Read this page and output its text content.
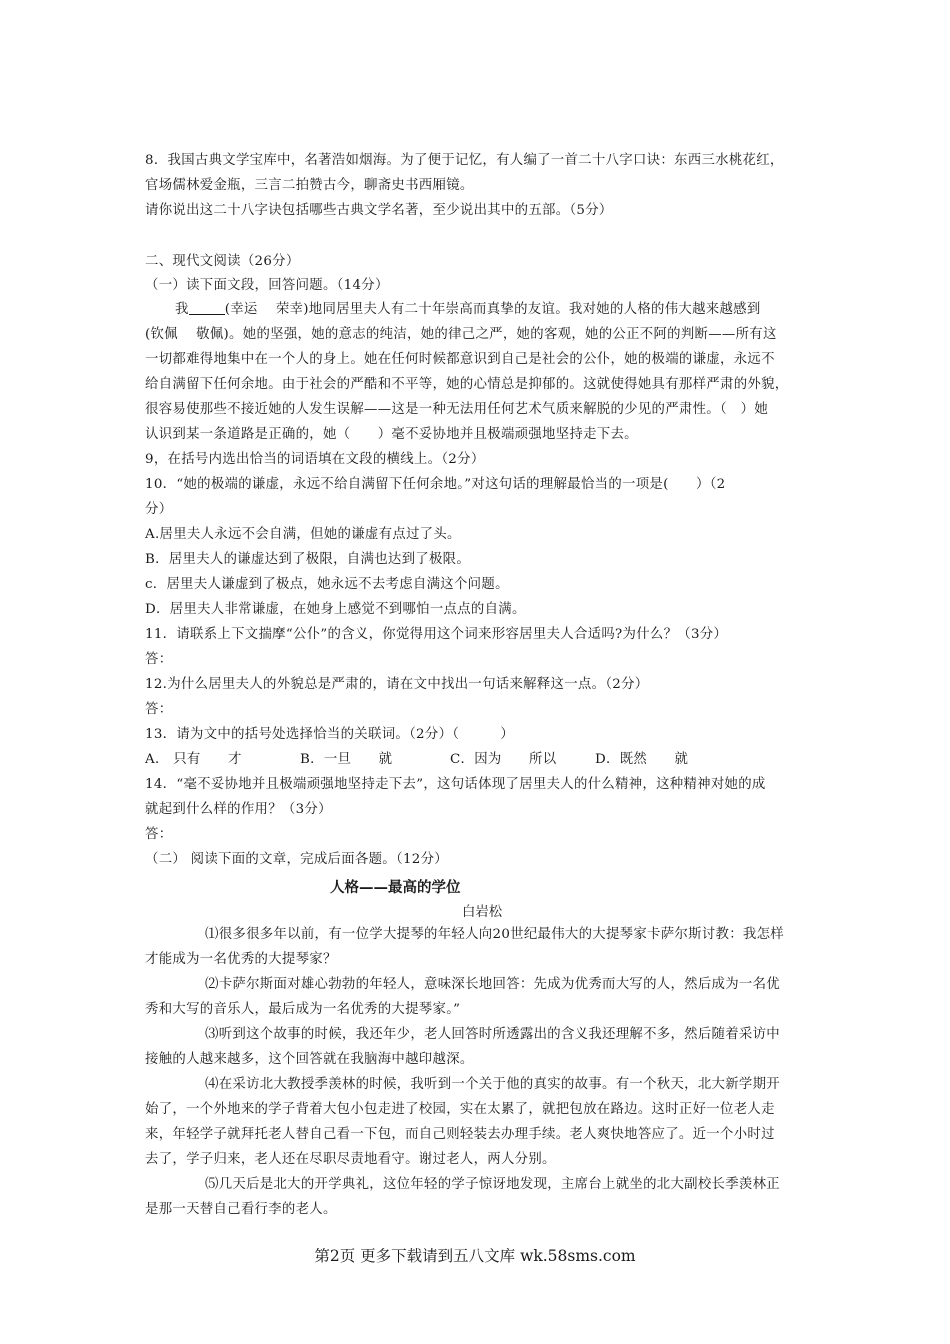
8．我国古典文学宝库中，名著浩如烟海。为了便于记忆，有人编了一首二十八字口诀：东西三水桃花红，
官场儒林爱金瓶，三言二拍赞古今，聊斋史书西厢镜。
请你说出这二十八字诀包括哪些古典文学名著，至少说出其中的五部。（5分）
二、现代文阅读（26分）
（一）读下面文段，回答问题。（14分）
我	(幸运　 荣幸)地同居里夫人有二十年崇高而真挚的友谊。我对她的人格的伟大越来越感到
(钦佩　 敬佩)。她的坚强，她的意志的纯洁，她的律己之严，她的客观，她的公正不阿的判断——所有这
一切都难得地集中在一个人的身上。她在任何时候都意识到自己是社会的公仆，她的极端的谦虚，永远不
给自满留下任何余地。由于社会的严酷和不平等，她的心情总是抑郁的。这就使得她具有那样严肃的外貌，
很容易使那些不接近她的人发生误解——这是一种无法用任何艺术气质来解脱的少见的严肃性。（　）她
认识到某一条道路是正确的，她（　　）毫不妥协地并且极端顽强地坚持走下去。
9，在括号内选出恰当的词语填在文段的横线上。（2分）
10．“她的极端的谦虚，永远不给自满留下任何余地。”对这句话的理解最恰当的一项是(　　）（2
分）
A.居里夫人永远不会自满，但她的谦虚有点过了头。
B．居里夫人的谦虚达到了极限，自满也达到了极限。
c．居里夫人谦虚到了极点，她永远不去考虑自满这个问题。
D．居里夫人非常谦虚，在她身上感觉不到哪怕一点点的自满。
11．请联系上下文揣摩“公仆”的含义，你觉得用这个词来形容居里夫人合适吗?为什么？（3分）
答：
12.为什么居里夫人的外貌总是严肃的，请在文中找出一句话来解释这一点。（2分）
答：
13．请为文中的括号处选择恰当的关联词。（2分）（　　　）
A． 只有　　才	B．一旦　　就	C．因为　　所以	D．既然　　就
14．“毫不妥协地并且极端顽强地坚持走下去”，这句话体现了居里夫人的什么精神，这种精神对她的成
就起到什么样的作用？（3分）
答：
（二） 阅读下面的文章，完成后面各题。（12分）
人格——最高的学位
白岩松
⑴很多很多年以前，有一位学大提琴的年轻人向20世纪最伟大的大提琴家卡萨尔斯讨教：我怎样
才能成为一名优秀的大提琴家？
⑵卡萨尔斯面对雄心勃勃的年轻人，意味深长地回答：先成为优秀而大写的人，然后成为一名优
秀和大写的音乐人，最后成为一名优秀的大提琴家。”
⑶听到这个故事的时候，我还年少，老人回答时所透露出的含义我还理解不多，然后随着采访中
接触的人越来越多，这个回答就在我脑海中越印越深。
⑷在采访北大教授季羡林的时候，我听到一个关于他的真实的故事。有一个秋天，北大新学期开
始了，一个外地来的学子背着大包小包走进了校园，实在太累了，就把包放在路边。这时正好一位老人走
来，年轻学子就拜托老人替自己看一下包，而自己则轻装去办理手续。老人爽快地答应了。近一个小时过
去了，学子归来，老人还在尽职尽责地看守。谢过老人，两人分别。
⑸几天后是北大的开学典礼，这位年轻的学子惊讶地发现，主席台上就坐的北大副校长季羡林正
是那一天替自己看行李的老人。
第2页 更多下载请到五八文库 wk.58sms.com
